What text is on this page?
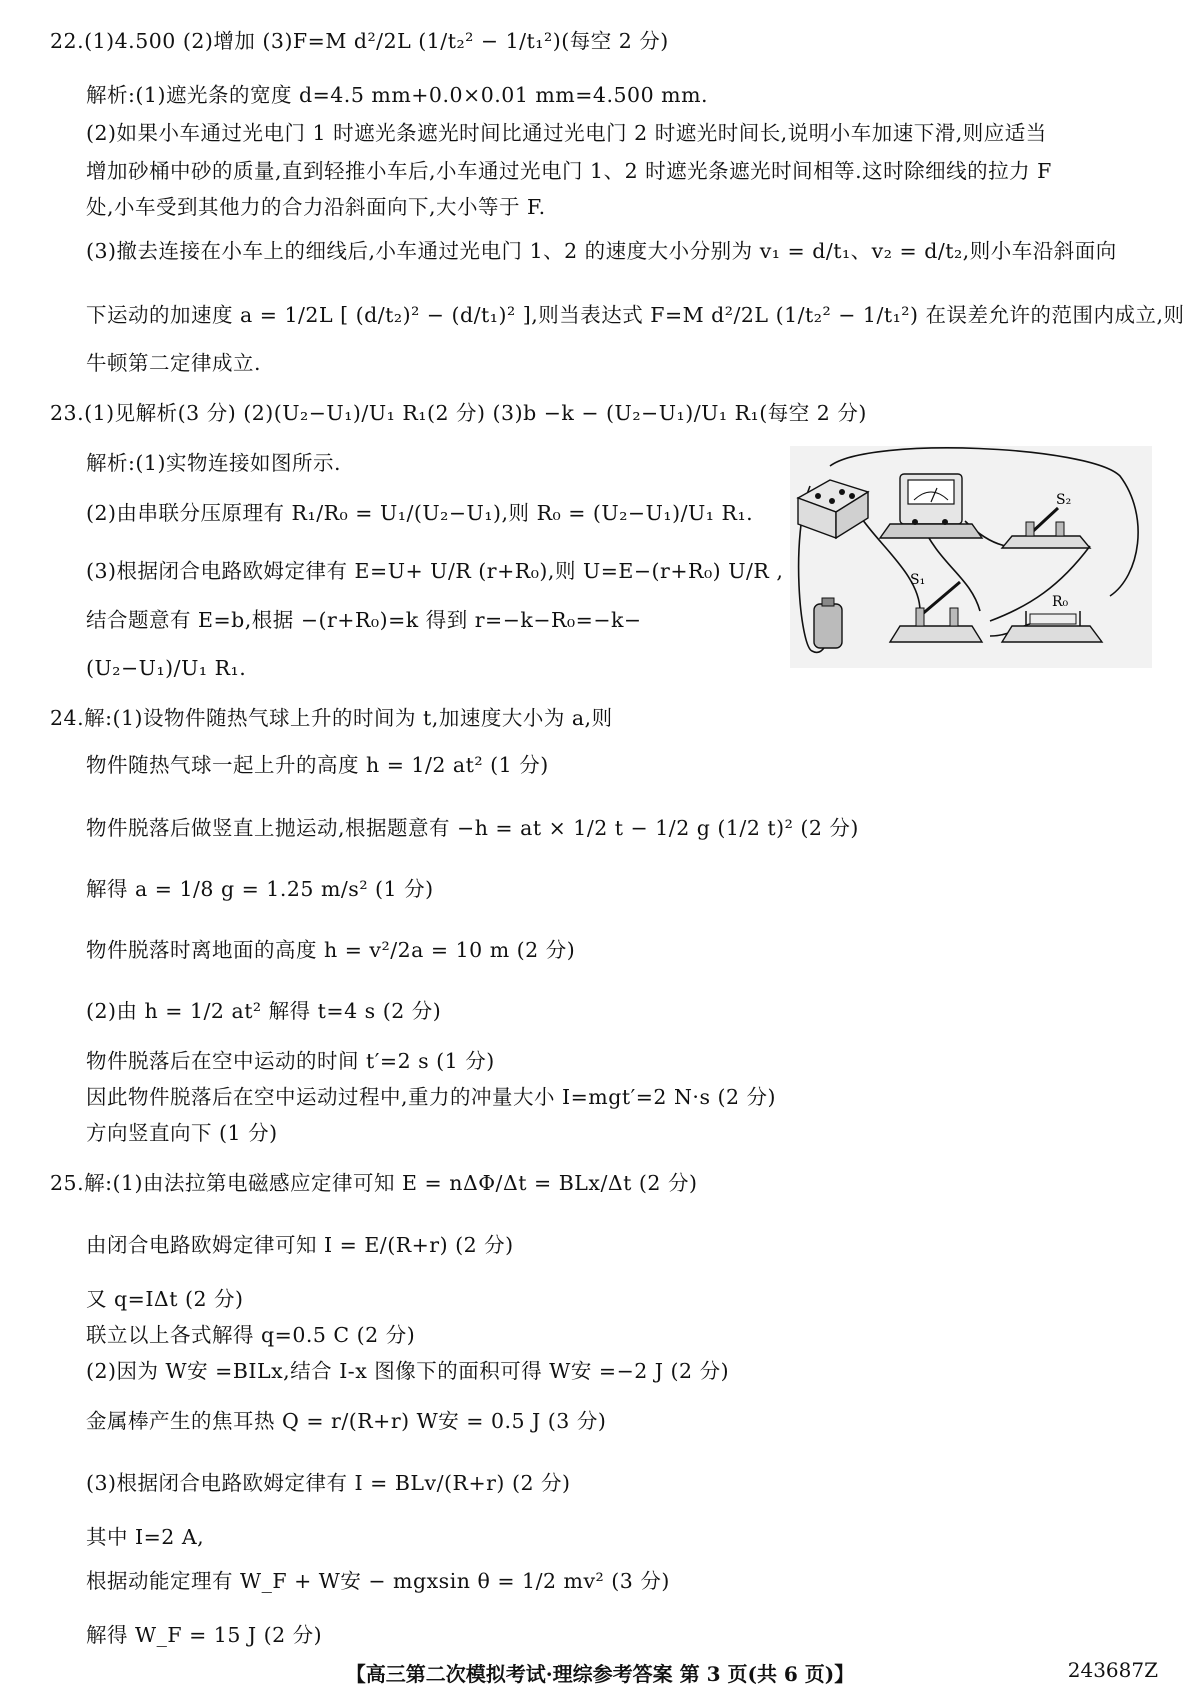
22.(1)4.500 (2)增加 (3)F=M d²/2L (1/t₂² − 1/t₁²)(每空 2 分)
解析:(1)遮光条的宽度 d=4.5 mm+0.0×0.01 mm=4.500 mm.
(2)如果小车通过光电门 1 时遮光条遮光时间比通过光电门 2 时遮光时间长,说明小车加速下滑,则应适当
增加砂桶中砂的质量,直到轻推小车后,小车通过光电门 1、2 时遮光条遮光时间相等.这时除细线的拉力 F
处,小车受到其他力的合力沿斜面向下,大小等于 F.
(3)撤去连接在小车上的细线后,小车通过光电门 1、2 的速度大小分别为 v₁ = d/t₁、v₂ = d/t₂,则小车沿斜面向
下运动的加速度 a = 1/2L [ (d/t₂)² − (d/t₁)² ],则当表达式 F=M d²/2L (1/t₂² − 1/t₁²) 在误差允许的范围内成立,则
牛顿第二定律成立.
23.(1)见解析(3 分) (2)(U₂−U₁)/U₁ R₁(2 分) (3)b −k − (U₂−U₁)/U₁ R₁(每空 2 分)
解析:(1)实物连接如图所示.
(2)由串联分压原理有 R₁/R₀ = U₁/(U₂−U₁),则 R₀ = (U₂−U₁)/U₁ R₁.
(3)根据闭合电路欧姆定律有 E=U+ U/R (r+R₀),则 U=E−(r+R₀) U/R ,
结合题意有 E=b,根据 −(r+R₀)=k 得到 r=−k−R₀=−k−
(U₂−U₁)/U₁ R₁.
24.解:(1)设物件随热气球上升的时间为 t,加速度大小为 a,则
物件随热气球一起上升的高度 h = 1/2 at² (1 分)
物件脱落后做竖直上抛运动,根据题意有 −h = at × 1/2 t − 1/2 g (1/2 t)² (2 分)
解得 a = 1/8 g = 1.25 m/s² (1 分)
物件脱落时离地面的高度 h = v²/2a = 10 m (2 分)
(2)由 h = 1/2 at² 解得 t=4 s (2 分)
物件脱落后在空中运动的时间 t′=2 s (1 分)
因此物件脱落后在空中运动过程中,重力的冲量大小 I=mgt′=2 N·s (2 分)
方向竖直向下 (1 分)
25.解:(1)由法拉第电磁感应定律可知 E = nΔΦ/Δt = BLx/Δt (2 分)
由闭合电路欧姆定律可知 I = E/(R+r) (2 分)
又 q=IΔt (2 分)
联立以上各式解得 q=0.5 C (2 分)
(2)因为 W安 =BILx,结合 I-x 图像下的面积可得 W安 =−2 J (2 分)
金属棒产生的焦耳热 Q = r/(R+r) W安 = 0.5 J (3 分)
(3)根据闭合电路欧姆定律有 I = BLv/(R+r) (2 分)
其中 I=2 A,
根据动能定理有 W_F + W安 − mgxsin θ = 1/2 mv² (3 分)
解得 W_F = 15 J (2 分)
S₂
S₁
R₀
【高三第二次模拟考试·理综参考答案 第 3 页(共 6 页)】	243687Z
